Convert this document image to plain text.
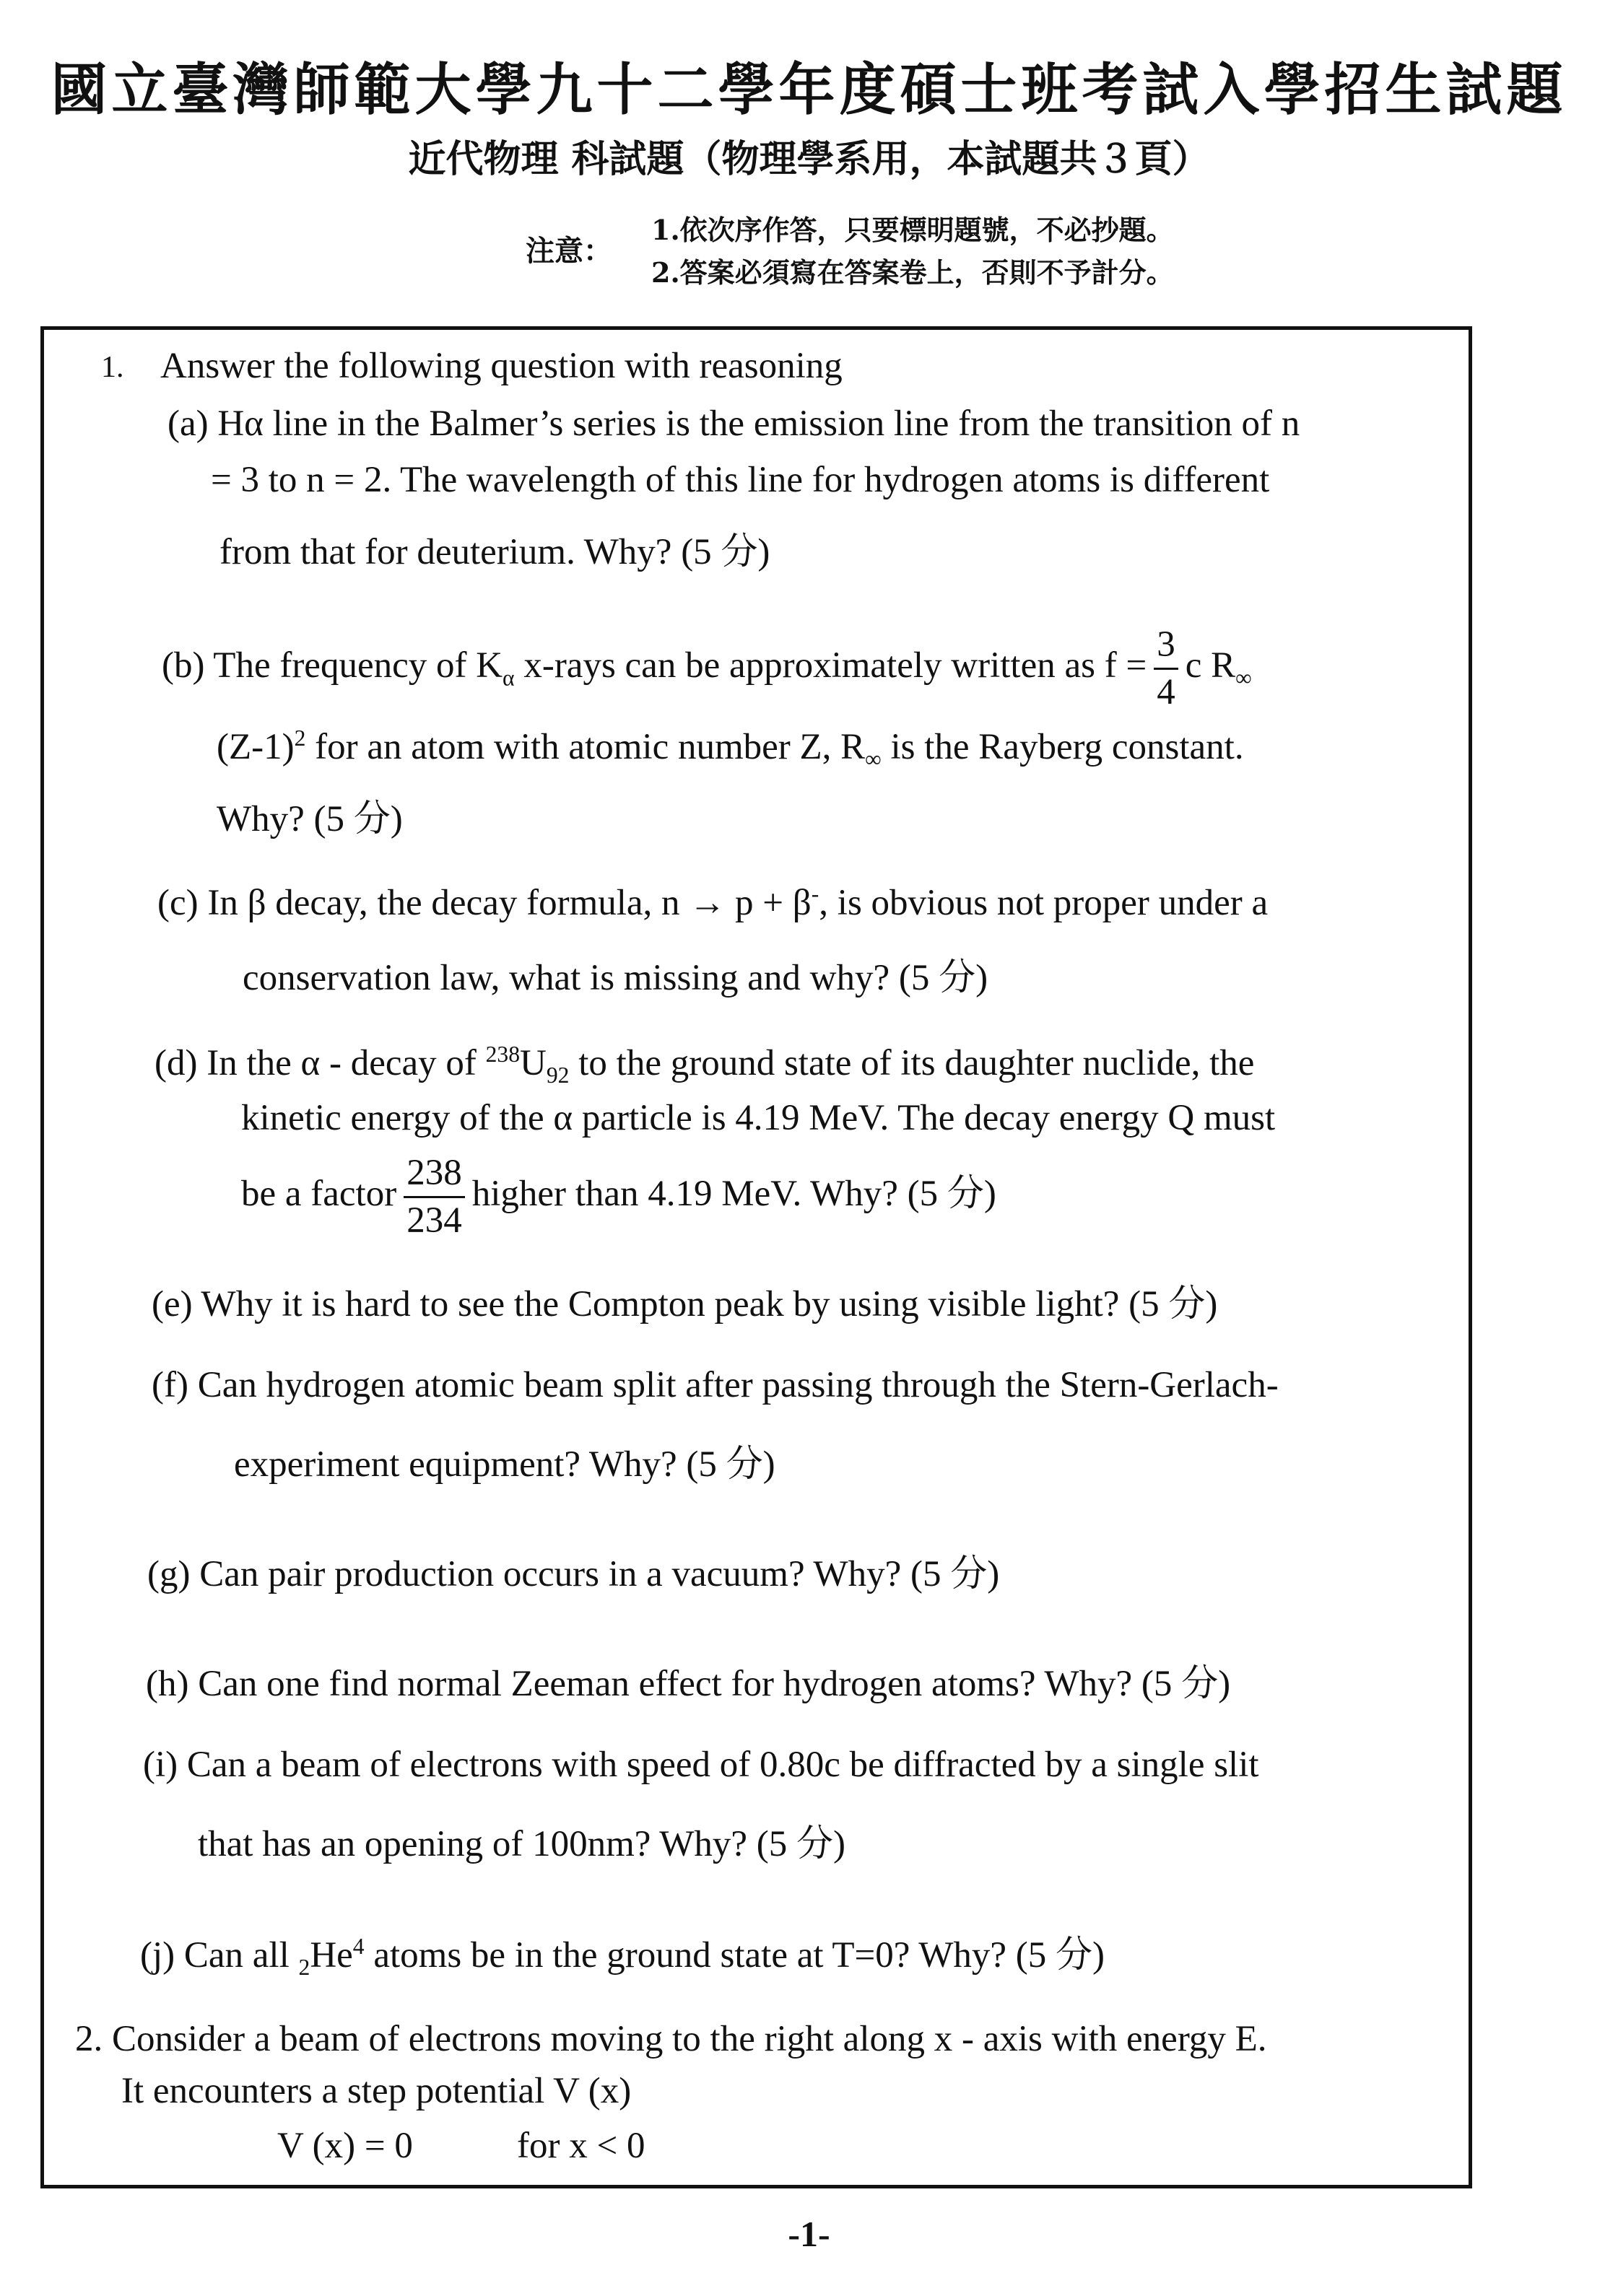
國立臺灣師範大學九十二學年度碩士班考試入學招生試題
近代物理 科試題（物理學系用，本試題共３頁）
注意：
1.依次序作答，只要標明題號，不必抄題。
2.答案必須寫在答案卷上，否則不予計分。
1. Answer the following question with reasoning
(a) Hα line in the Balmer’s series is the emission line from the transition of n
= 3 to n = 2. The wavelength of this line for hydrogen atoms is different
from that for deuterium. Why? (5 分)
(b) The frequency of $K_\alpha$ x-rays can be approximately written as $f = \frac{3}{4}$ c $R_\infty$
$(Z-1)^2$ for an atom with atomic number Z, $R_\infty$ is the Rayberg constant.
Why? (5 分)
(c) In β decay, the decay formula, n → p + β-, is obvious not proper under a
conservation law, what is missing and why? (5 分)
(d) In the α - decay of $^{238}U_{92}$ to the ground state of its daughter nuclide, the
kinetic energy of the α particle is 4.19 MeV. The decay energy Q must
be a factor $\frac{238}{234}$ higher than 4.19 MeV. Why? (5 分)
(e) Why it is hard to see the Compton peak by using visible light? (5 分)
(f) Can hydrogen atomic beam split after passing through the Stern-Gerlach-
experiment equipment? Why? (5 分)
(g) Can pair production occurs in a vacuum? Why? (5 分)
(h) Can one find normal Zeeman effect for hydrogen atoms? Why? (5 分)
(i) Can a beam of electrons with speed of 0.80c be diffracted by a single slit
that has an opening of 100nm? Why? (5 分)
(j) Can all $_2He^4$ atoms be in the ground state at T=0? Why? (5 分)
2. Consider a beam of electrons moving to the right along x - axis with energy E.
It encounters a step potential V (x)
V (x) = 0	for x < 0
-1-
